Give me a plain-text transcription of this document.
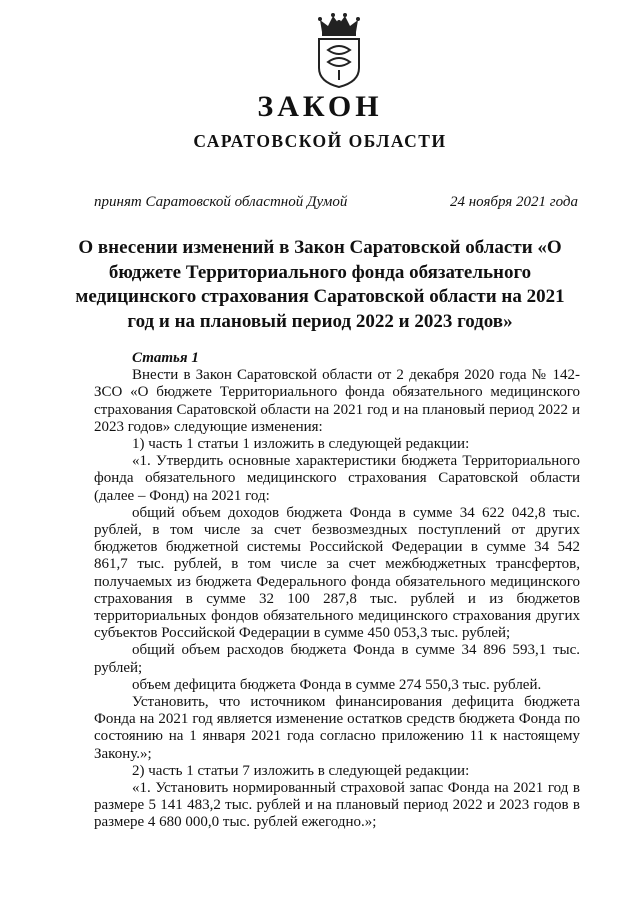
ЗАКОН
САРАТОВСКОЙ ОБЛАСТИ
принят Саратовской областной Думой	24 ноября 2021 года
О внесении изменений в Закон Саратовской области «О бюджете Территориального фонда обязательного медицинского страхования Саратовской области на 2021 год и на плановый период 2022 и 2023 годов»

Статья 1

Внести в Закон Саратовской области от 2 декабря 2020 года № 142-ЗСО «О бюджете Территориального фонда обязательного медицинского страхования Саратовской области на 2021 год и на плановый период 2022 и 2023 годов» следующие изменения:

1) часть 1 статьи 1 изложить в следующей редакции:

«1. Утвердить основные характеристики бюджета Территориального фонда обязательного медицинского страхования Саратовской области (далее – Фонд) на 2021 год:

общий объем доходов бюджета Фонда в сумме 34 622 042,8 тыс. рублей, в том числе за счет безвозмездных поступлений от других бюджетов бюджетной системы Российской Федерации в сумме 34 542 861,7 тыс. рублей, в том числе за счет межбюджетных трансфертов, получаемых из бюджета Федерального фонда обязательного медицинского страхования в сумме 32 100 287,8 тыс. рублей и из бюджетов территориальных фондов обязательного медицинского страхования других субъектов Российской Федерации в сумме 450 053,3 тыс. рублей;

общий объем расходов бюджета Фонда в сумме 34 896 593,1 тыс. рублей;

объем дефицита бюджета Фонда в сумме 274 550,3 тыс. рублей.

Установить, что источником финансирования дефицита бюджета Фонда на 2021 год является изменение остатков средств бюджета Фонда по состоянию на 1 января 2021 года согласно приложению 11 к настоящему Закону.»;

2) часть 1 статьи 7 изложить в следующей редакции:

«1. Установить нормированный страховой запас Фонда на 2021 год в размере 5 141 483,2 тыс. рублей и на плановый период 2022 и 2023 годов в размере 4 680 000,0 тыс. рублей ежегодно.»;
